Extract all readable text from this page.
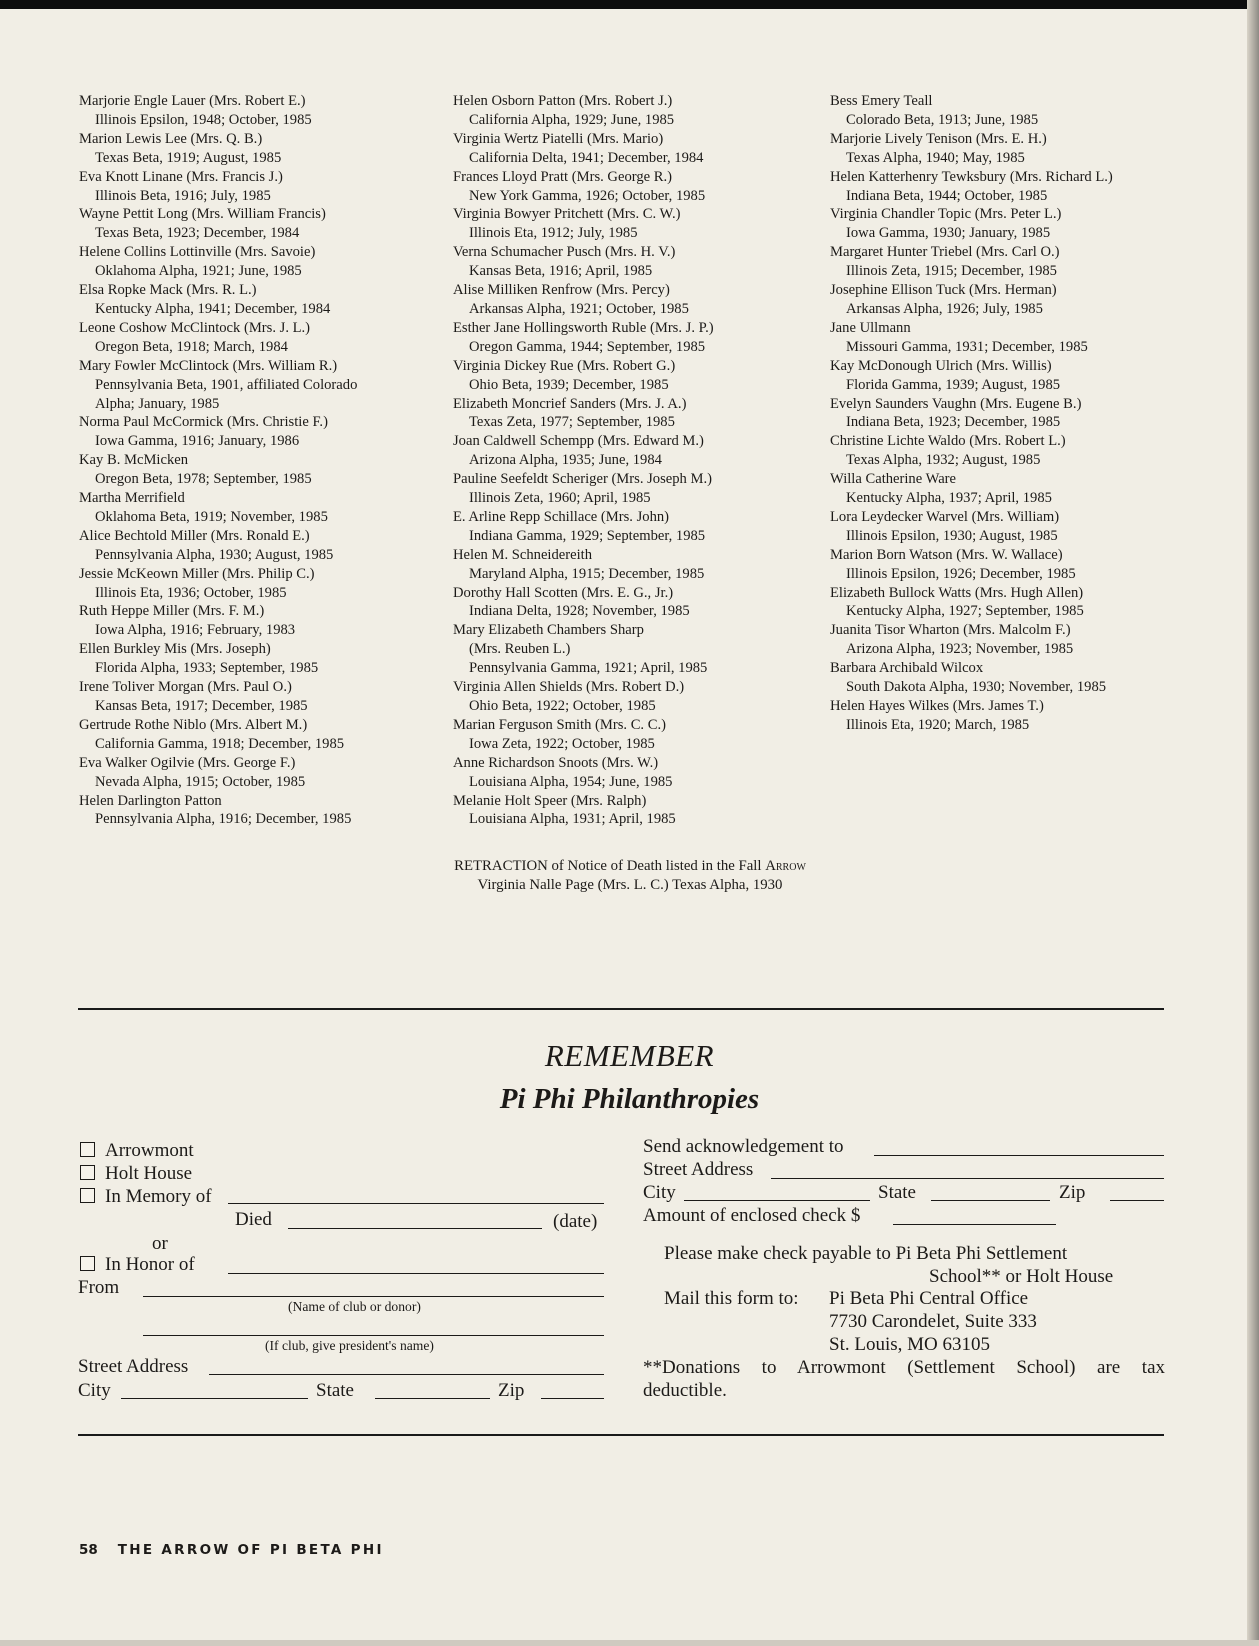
Marjorie Engle Lauer (Mrs. Robert E.)
Illinois Epsilon, 1948; October, 1985
Marion Lewis Lee (Mrs. Q. B.)
Texas Beta, 1919; August, 1985
Eva Knott Linane (Mrs. Francis J.)
Illinois Beta, 1916; July, 1985
Wayne Pettit Long (Mrs. William Francis)
Texas Beta, 1923; December, 1984
Helene Collins Lottinville (Mrs. Savoie)
Oklahoma Alpha, 1921; June, 1985
Elsa Ropke Mack (Mrs. R. L.)
Kentucky Alpha, 1941; December, 1984
Leone Coshow McClintock (Mrs. J. L.)
Oregon Beta, 1918; March, 1984
Mary Fowler McClintock (Mrs. William R.)
Pennsylvania Beta, 1901, affiliated Colorado
Alpha; January, 1985
Norma Paul McCormick (Mrs. Christie F.)
Iowa Gamma, 1916; January, 1986
Kay B. McMicken
Oregon Beta, 1978; September, 1985
Martha Merrifield
Oklahoma Beta, 1919; November, 1985
Alice Bechtold Miller (Mrs. Ronald E.)
Pennsylvania Alpha, 1930; August, 1985
Jessie McKeown Miller (Mrs. Philip C.)
Illinois Eta, 1936; October, 1985
Ruth Heppe Miller (Mrs. F. M.)
Iowa Alpha, 1916; February, 1983
Ellen Burkley Mis (Mrs. Joseph)
Florida Alpha, 1933; September, 1985
Irene Toliver Morgan (Mrs. Paul O.)
Kansas Beta, 1917; December, 1985
Gertrude Rothe Niblo (Mrs. Albert M.)
California Gamma, 1918; December, 1985
Eva Walker Ogilvie (Mrs. George F.)
Nevada Alpha, 1915; October, 1985
Helen Darlington Patton
Pennsylvania Alpha, 1916; December, 1985
Helen Osborn Patton (Mrs. Robert J.)
California Alpha, 1929; June, 1985
Virginia Wertz Piatelli (Mrs. Mario)
California Delta, 1941; December, 1984
Frances Lloyd Pratt (Mrs. George R.)
New York Gamma, 1926; October, 1985
Virginia Bowyer Pritchett (Mrs. C. W.)
Illinois Eta, 1912; July, 1985
Verna Schumacher Pusch (Mrs. H. V.)
Kansas Beta, 1916; April, 1985
Alise Milliken Renfrow (Mrs. Percy)
Arkansas Alpha, 1921; October, 1985
Esther Jane Hollingsworth Ruble (Mrs. J. P.)
Oregon Gamma, 1944; September, 1985
Virginia Dickey Rue (Mrs. Robert G.)
Ohio Beta, 1939; December, 1985
Elizabeth Moncrief Sanders (Mrs. J. A.)
Texas Zeta, 1977; September, 1985
Joan Caldwell Schempp (Mrs. Edward M.)
Arizona Alpha, 1935; June, 1984
Pauline Seefeldt Scheriger (Mrs. Joseph M.)
Illinois Zeta, 1960; April, 1985
E. Arline Repp Schillace (Mrs. John)
Indiana Gamma, 1929; September, 1985
Helen M. Schneidereith
Maryland Alpha, 1915; December, 1985
Dorothy Hall Scotten (Mrs. E. G., Jr.)
Indiana Delta, 1928; November, 1985
Mary Elizabeth Chambers Sharp
(Mrs. Reuben L.)
Pennsylvania Gamma, 1921; April, 1985
Virginia Allen Shields (Mrs. Robert D.)
Ohio Beta, 1922; October, 1985
Marian Ferguson Smith (Mrs. C. C.)
Iowa Zeta, 1922; October, 1985
Anne Richardson Snoots (Mrs. W.)
Louisiana Alpha, 1954; June, 1985
Melanie Holt Speer (Mrs. Ralph)
Louisiana Alpha, 1931; April, 1985
Bess Emery Teall
Colorado Beta, 1913; June, 1985
Marjorie Lively Tenison (Mrs. E. H.)
Texas Alpha, 1940; May, 1985
Helen Katterhenry Tewksbury (Mrs. Richard L.)
Indiana Beta, 1944; October, 1985
Virginia Chandler Topic (Mrs. Peter L.)
Iowa Gamma, 1930; January, 1985
Margaret Hunter Triebel (Mrs. Carl O.)
Illinois Zeta, 1915; December, 1985
Josephine Ellison Tuck (Mrs. Herman)
Arkansas Alpha, 1926; July, 1985
Jane Ullmann
Missouri Gamma, 1931; December, 1985
Kay McDonough Ulrich (Mrs. Willis)
Florida Gamma, 1939; August, 1985
Evelyn Saunders Vaughn (Mrs. Eugene B.)
Indiana Beta, 1923; December, 1985
Christine Lichte Waldo (Mrs. Robert L.)
Texas Alpha, 1932; August, 1985
Willa Catherine Ware
Kentucky Alpha, 1937; April, 1985
Lora Leydecker Warvel (Mrs. William)
Illinois Epsilon, 1930; August, 1985
Marion Born Watson (Mrs. W. Wallace)
Illinois Epsilon, 1926; December, 1985
Elizabeth Bullock Watts (Mrs. Hugh Allen)
Kentucky Alpha, 1927; September, 1985
Juanita Tisor Wharton (Mrs. Malcolm F.)
Arizona Alpha, 1923; November, 1985
Barbara Archibald Wilcox
South Dakota Alpha, 1930; November, 1985
Helen Hayes Wilkes (Mrs. James T.)
Illinois Eta, 1920; March, 1985
RETRACTION of Notice of Death listed in the Fall Arrow
Virginia Nalle Page (Mrs. L. C.) Texas Alpha, 1930
REMEMBER
Pi Phi Philanthropies
Arrowmont
Holt House
In Memory of
Died	(date)
or
In Honor of
From
(Name of club or donor)
(If club, give president's name)
Street Address
City	State	Zip
Send acknowledgement to
Street Address
City	State	Zip
Amount of enclosed check $
Please make check payable to Pi Beta Phi Settlement
School** or Holt House
Mail this form to: Pi Beta Phi Central Office
7730 Carondelet, Suite 333
St. Louis, MO 63105
**Donations to Arrowmont (Settlement School) are tax
deductible.
58 THE ARROW OF PI BETA PHI
